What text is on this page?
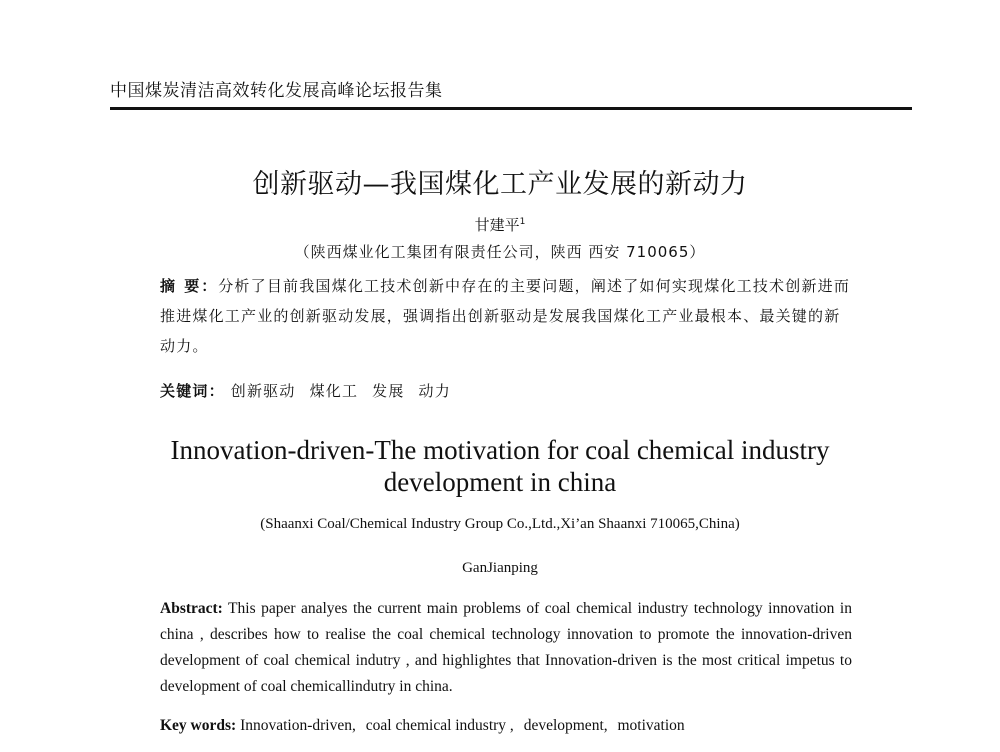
中国煤炭清洁高效转化发展高峰论坛报告集
创新驱动—我国煤化工产业发展的新动力
甘建平$^1$
（陕西煤业化工集团有限责任公司，陕西 西安 710065）
摘 要：分析了目前我国煤化工技术创新中存在的主要问题，阐述了如何实现煤化工技术创新进而推进煤化工产业的创新驱动发展，强调指出创新驱动是发展我国煤化工产业最根本、最关键的新动力。
关键词： 创新驱动 煤化工 发展 动力
Innovation-driven-The motivation for coal chemical industry
development in china
(Shaanxi Coal/Chemical Industry Group Co.,Ltd.,Xi’an Shaanxi 710065,China)
GanJianping
Abstract: This paper analyes the current main problems of coal chemical industry technology innovation in china , describes how to realise the coal chemical technology innovation to promote the innovation-driven development of coal chemical indutry , and highlightes that Innovation-driven is the most critical impetus to development of coal chemicallindutry in china.
Key words: Innovation-driven, coal chemical industry , development, motivation
